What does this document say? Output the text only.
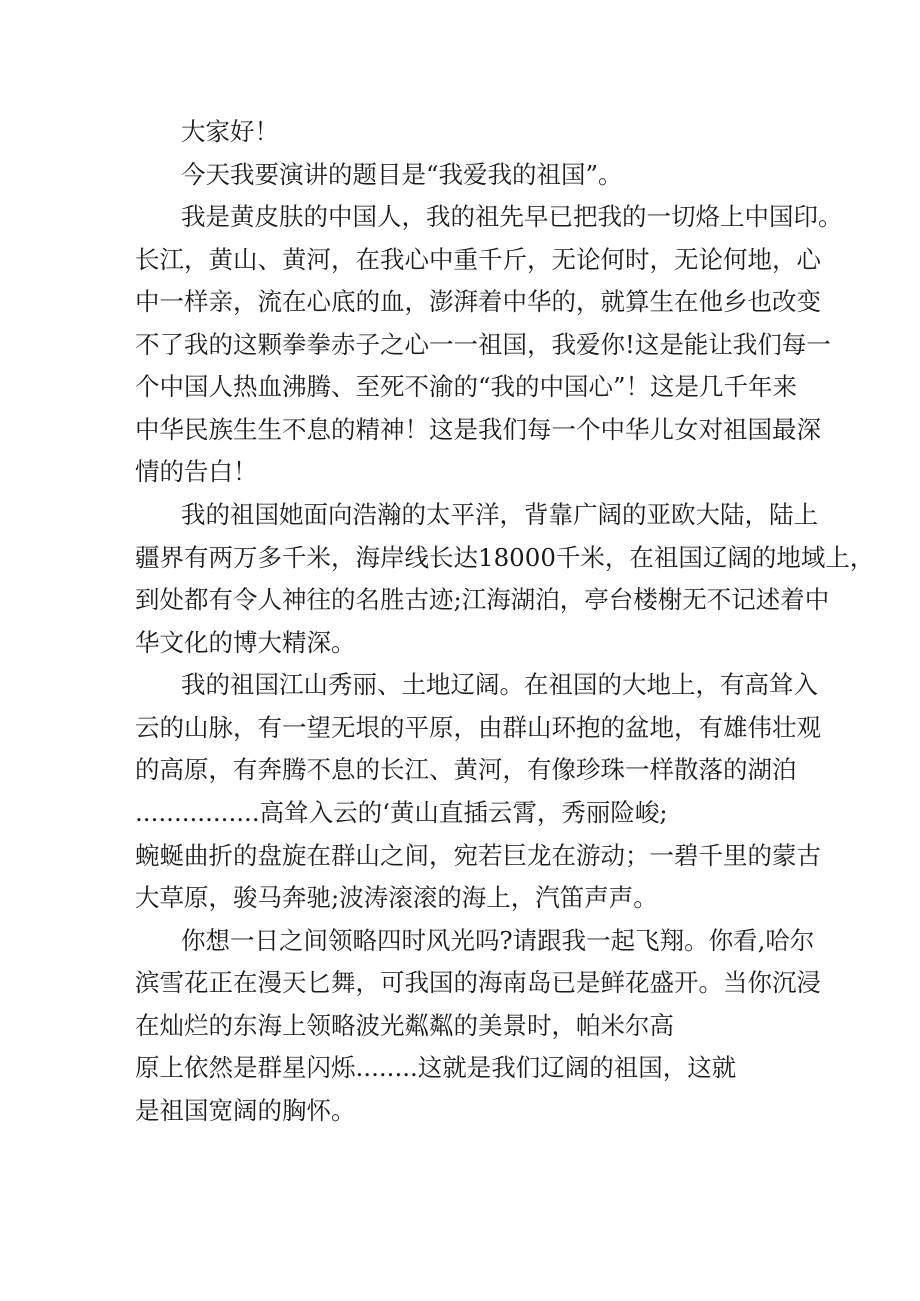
大家好！
今天我要演讲的题目是“我爱我的祖国”。
我是黄皮肤的中国人，我的祖先早已把我的一切烙上中国印。
长江，黄山、黄河，在我心中重千斤，无论何时，无论何地，心
中一样亲，流在心底的血，澎湃着中华的，就算生在他乡也改变
不了我的这颗拳拳赤子之心一一祖国，我爱你!这是能让我们每一
个中国人热血沸腾、至死不渝的“我的中国心”！这是几千年来
中华民族生生不息的精神！这是我们每一个中华儿女对祖国最深
情的告白！
我的祖国她面向浩瀚的太平洋，背靠广阔的亚欧大陆，陆上
疆界有两万多千米，海岸线长达18000千米，在祖国辽阔的地域上，
到处都有令人神往的名胜古迹;江海湖泊，亭台楼榭无不记述着中
华文化的博大精深。
我的祖国江山秀丽、土地辽阔。在祖国的大地上，有高耸入
云的山脉，有一望无垠的平原，由群山环抱的盆地，有雄伟壮观
的高原，有奔腾不息的长江、黄河，有像珍珠一样散落的湖泊
................高耸入云的‘黄山直插云霄，秀丽险峻;
蜿蜒曲折的盘旋在群山之间，宛若巨龙在游动；一碧千里的蒙古
大草原，骏马奔驰;波涛滚滚的海上，汽笛声声。
你想一日之间领略四时风光吗?请跟我一起飞翔。你看,哈尔
滨雪花正在漫天匕舞，可我国的海南岛已是鲜花盛开。当你沉浸
在灿烂的东海上领略波光粼粼的美景时，帕米尔高
原上依然是群星闪烁........这就是我们辽阔的祖国，这就
是祖国宽阔的胸怀。
